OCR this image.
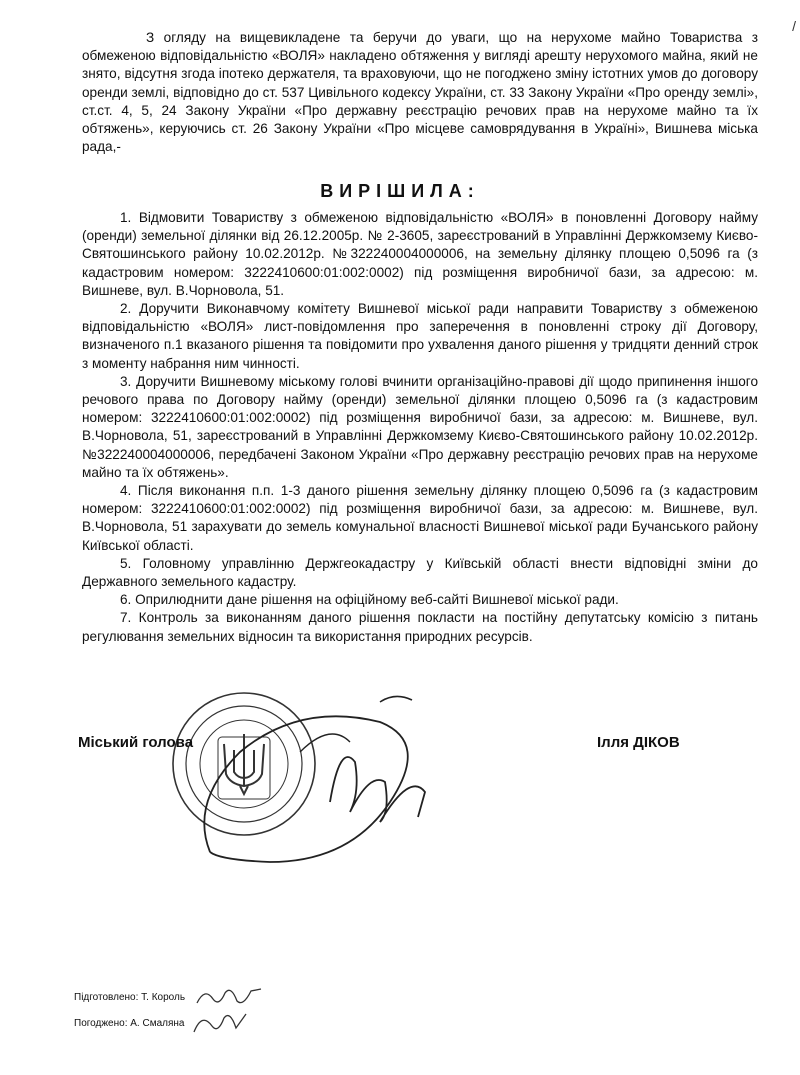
/
З огляду на вищевикладене та беручи до уваги, що на нерухоме майно Товариства з обмеженою відповідальністю «ВОЛЯ» накладено обтяження у вигляді арешту нерухомого майна, який не знято, відсутня згода іпотеко держателя, та враховуючи, що не погоджено зміну істотних умов до договору оренди землі, відповідно до ст. 537 Цивільного кодексу України, ст. 33 Закону України «Про оренду землі», ст.ст. 4, 5, 24 Закону України «Про державну реєстрацію речових прав на нерухоме майно та їх обтяжень», керуючись ст. 26 Закону України «Про місцеве самоврядування в Україні», Вишнева міська рада,-
ВИРІШИЛА:

1. Відмовити Товариству з обмеженою відповідальністю «ВОЛЯ» в поновленні Договору найму (оренди) земельної ділянки від 26.12.2005р. № 2-3605, зареєстрований в Управлінні Держкомзему Києво-Святошинського району 10.02.2012р. №322240004000006, на земельну ділянку площею 0,5096 га (з кадастровим номером: 3222410600:01:002:0002) під розміщення виробничої бази, за адресою: м. Вишневе, вул. В.Чорновола, 51.

2. Доручити Виконавчому комітету Вишневої міської ради направити Товариству з обмеженою відповідальністю «ВОЛЯ» лист-повідомлення про заперечення в поновленні строку дії Договору, визначеного п.1 вказаного рішення та повідомити про ухвалення даного рішення у тридцяти денний строк з моменту набрання ним чинності.

3. Доручити Вишневому міському голові вчинити організаційно-правові дії щодо припинення іншого речового права по Договору найму (оренди) земельної ділянки площею 0,5096 га (з кадастровим номером: 3222410600:01:002:0002) під розміщення виробничої бази, за адресою: м. Вишневе, вул. В.Чорновола, 51, зареєстрований в Управлінні Держкомзему Києво-Святошинського району 10.02.2012р. №322240004000006, передбачені Законом України «Про державну реєстрацію речових прав на нерухоме майно та їх обтяжень».

4. Після виконання п.п. 1-3 даного рішення земельну ділянку площею 0,5096 га (з кадастровим номером: 3222410600:01:002:0002) під розміщення виробничої бази, за адресою: м. Вишневе, вул. В.Чорновола, 51 зарахувати до земель комунальної власності Вишневої міської ради Бучанського району Київської області.

5. Головному управлінню Держгеокадастру у Київській області внести відповідні зміни до Державного земельного кадастру.

6. Оприлюднити дане рішення на офіційному веб-сайті Вишневої міської ради.

7. Контроль за виконанням даного рішення покласти на постійну депутатську комісію з питань регулювання земельних відносин та використання природних ресурсів.

Міський голова	Ілля ДІКОВ
Підготовлено: Т. Король
Погоджено: А. Смаляна
